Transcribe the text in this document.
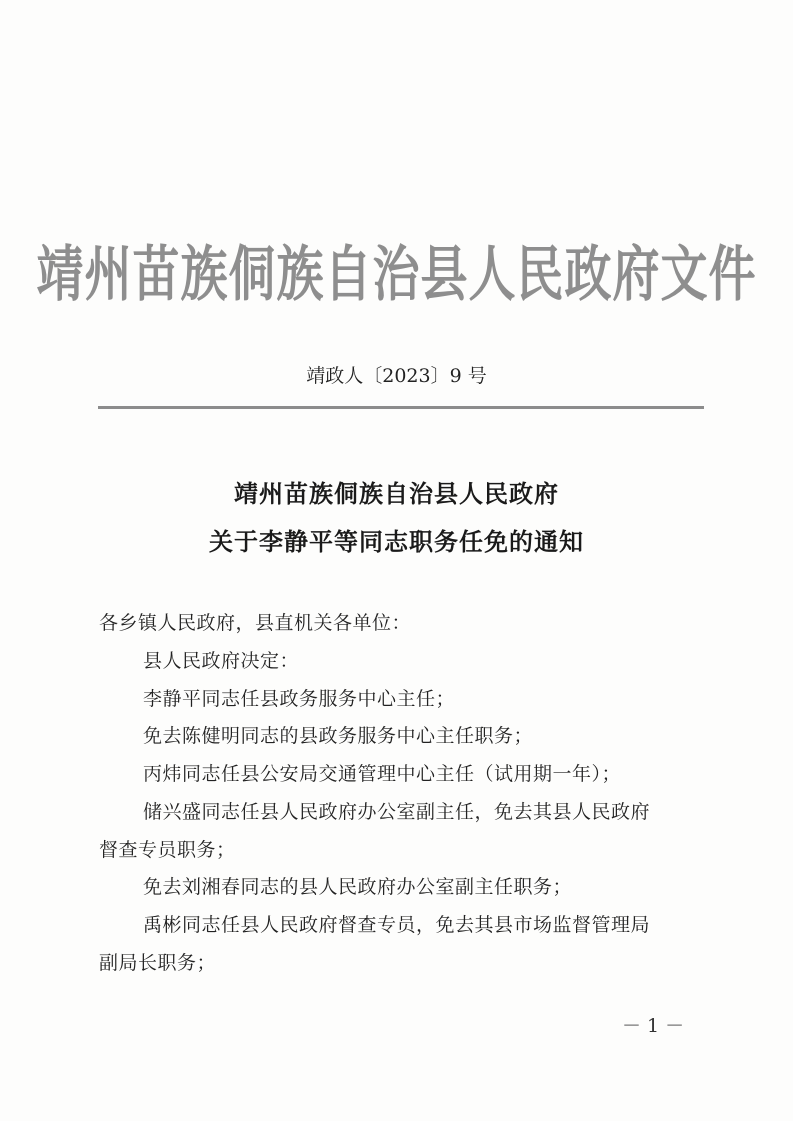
靖州苗族侗族自治县人民政府文件
靖政人〔2023〕9 号
靖州苗族侗族自治县人民政府
关于李静平等同志职务任免的通知
各乡镇人民政府，县直机关各单位：
县人民政府决定：
李静平同志任县政务服务中心主任；
免去陈健明同志的县政务服务中心主任职务；
丙炜同志任县公安局交通管理中心主任（试用期一年）；
储兴盛同志任县人民政府办公室副主任，免去其县人民政府
督查专员职务；
免去刘湘春同志的县人民政府办公室副主任职务；
禹彬同志任县人民政府督查专员，免去其县市场监督管理局
副局长职务；
－ 1 －
